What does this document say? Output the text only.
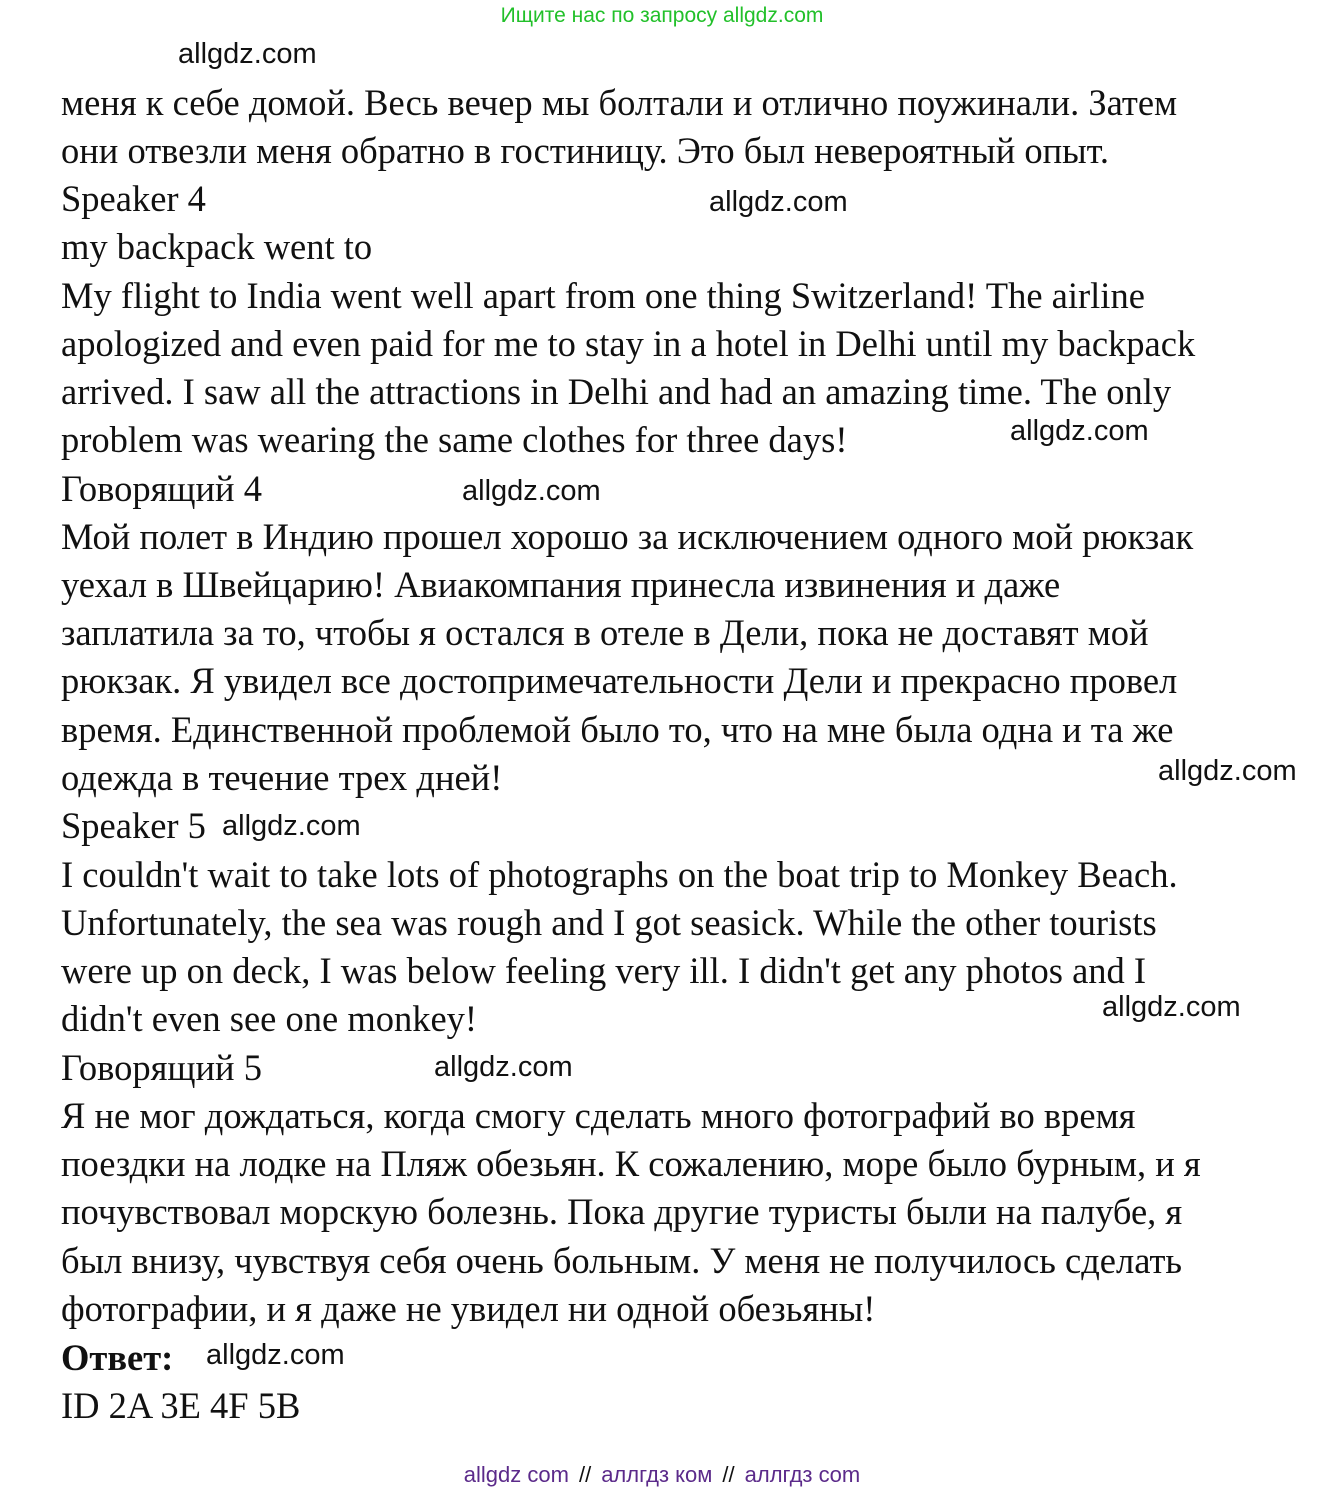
Ищите нас по запросу allgdz.com
allgdz.com
allgdz.com
allgdz.com
allgdz.com
allgdz.com
allgdz.com
allgdz.com
allgdz.com
allgdz.com
меня к себе домой. Весь вечер мы болтали и отлично поужинали. Затем
они отвезли меня обратно в гостиницу. Это был невероятный опыт.
Speaker 4
my backpack went to
My flight to India went well apart from one thing Switzerland! The airline
apologized and even paid for me to stay in a hotel in Delhi until my backpack
arrived. I saw all the attractions in Delhi and had an amazing time. The only
problem was wearing the same clothes for three days!
Говорящий 4
Мой полет в Индию прошел хорошо за исключением одного мой рюкзак
уехал в Швейцарию! Авиакомпания принесла извинения и даже
заплатила за то, чтобы я остался в отеле в Дели, пока не доставят мой
рюкзак. Я увидел все достопримечательности Дели и прекрасно провел
время. Единственной проблемой было то, что на мне была одна и та же
одежда в течение трех дней!
Speaker 5
I couldn't wait to take lots of photographs on the boat trip to Monkey Beach.
Unfortunately, the sea was rough and I got seasick. While the other tourists
were up on deck, I was below feeling very ill. I didn't get any photos and I
didn't even see one monkey!
Говорящий 5
Я не мог дождаться, когда смогу сделать много фотографий во время
поездки на лодке на Пляж обезьян. К сожалению, море было бурным, и я
почувствовал морскую болезнь. Пока другие туристы были на палубе, я
был внизу, чувствуя себя очень больным. У меня не получилось сделать
фотографии, и я даже не увидел ни одной обезьяны!
Ответ:
ID 2A 3E 4F 5B
allgdz com // аллгдз ком // аллгдз com
